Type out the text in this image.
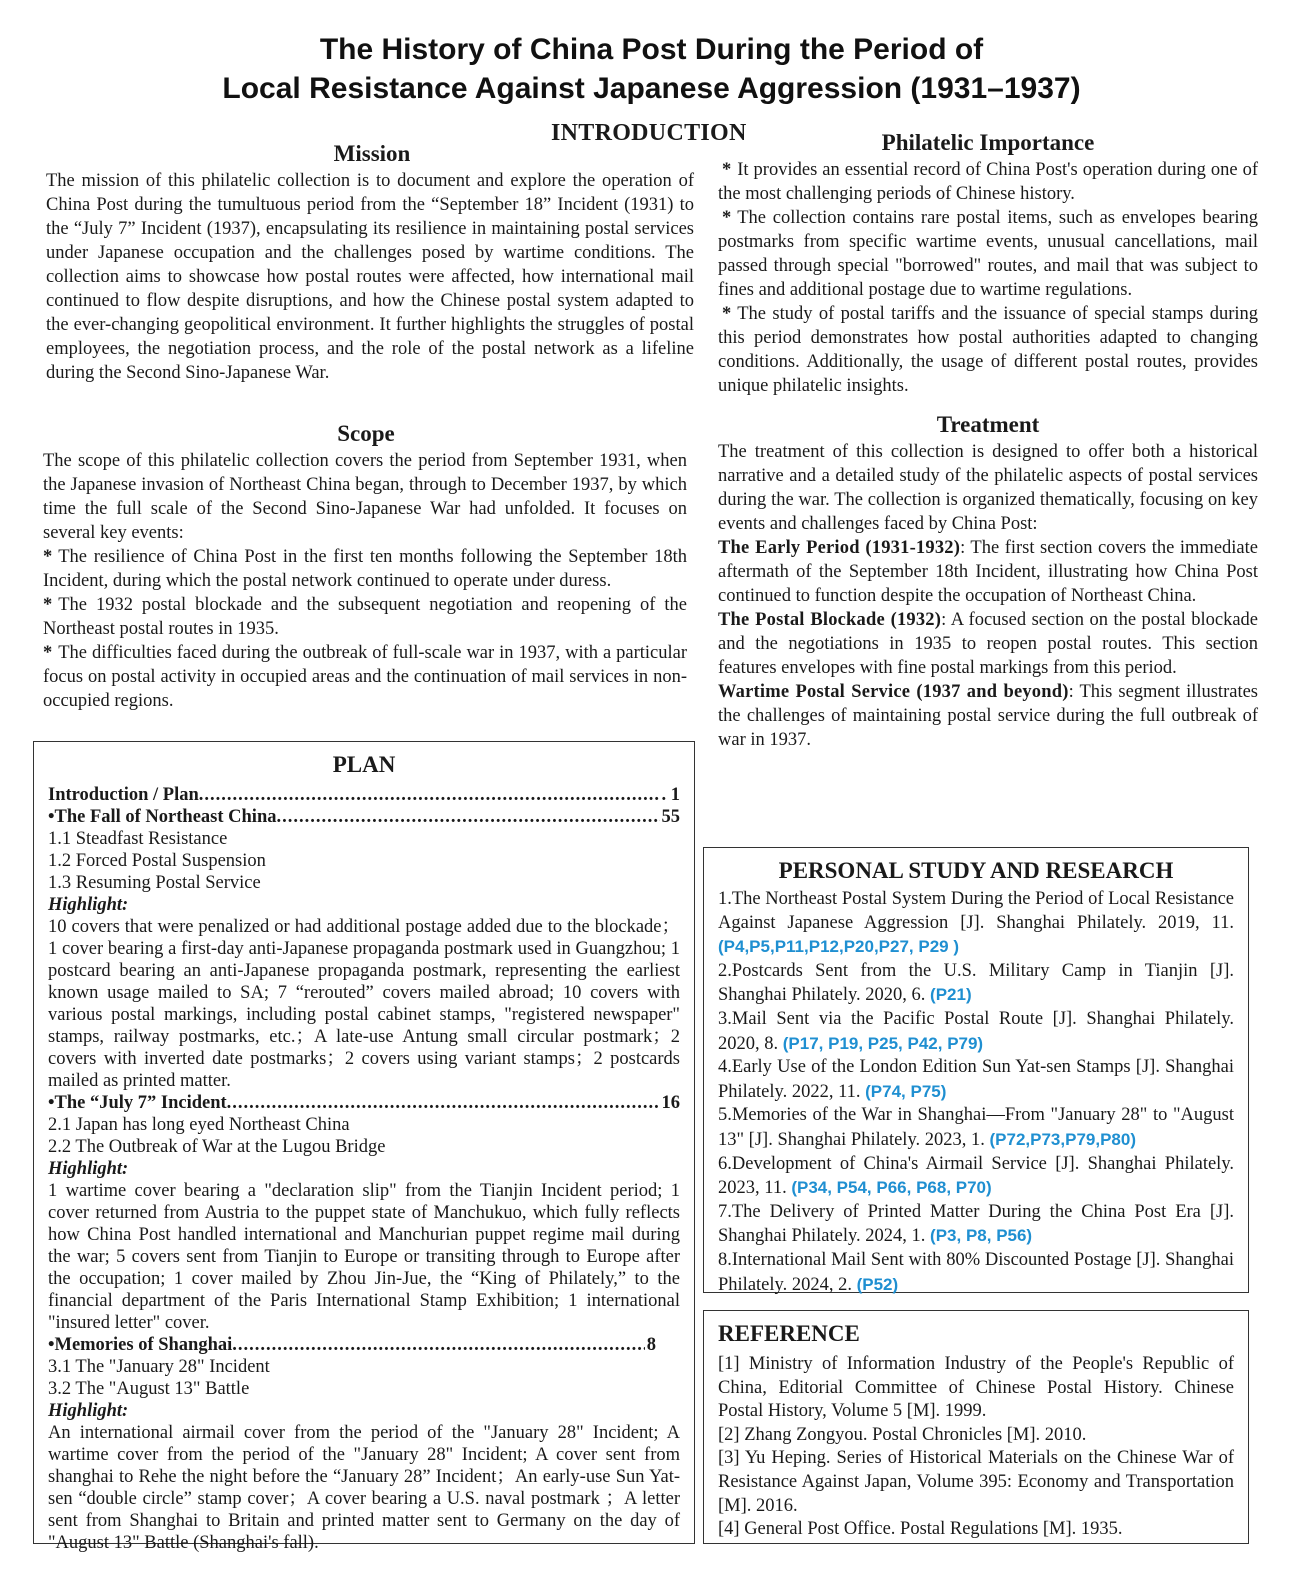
The History of China Post During the Period of
Local Resistance Against Japanese Aggression (1931–1937)
INTRODUCTION
Mission

The mission of this philatelic collection is to document and explore the operation of China Post during the tumultuous period from the “September 18” Incident (1931) to the “July 7” Incident (1937), encapsulating its resilience in maintaining postal services under Japanese occupation and the challenges posed by wartime conditions. The collection aims to showcase how postal routes were affected, how international mail continued to flow despite disruptions, and how the Chinese postal system adapted to the ever-changing geopolitical environment. It further highlights the struggles of postal employees, the negotiation process, and the role of the postal network as a lifeline during the Second Sino-Japanese War.

Scope

The scope of this philatelic collection covers the period from September 1931, when the Japanese invasion of Northeast China began, through to December 1937, by which time the full scale of the Second Sino-Japanese War had unfolded. It focuses on several key events:

* The resilience of China Post in the first ten months following the September 18th Incident, during which the postal network continued to operate under duress.

* The 1932 postal blockade and the subsequent negotiation and reopening of the Northeast postal routes in 1935.

* The difficulties faced during the outbreak of full-scale war in 1937, with a particular focus on postal activity in occupied areas and the continuation of mail services in non-occupied regions.

Philatelic Importance

* It provides an essential record of China Post's operation during one of the most challenging periods of Chinese history.

* The collection contains rare postal items, such as envelopes bearing postmarks from specific wartime events, unusual cancellations, mail passed through special "borrowed" routes, and mail that was subject to fines and additional postage due to wartime regulations.

* The study of postal tariffs and the issuance of special stamps during this period demonstrates how postal authorities adapted to changing conditions. Additionally, the usage of different postal routes, provides unique philatelic insights.

Treatment

The treatment of this collection is designed to offer both a historical narrative and a detailed study of the philatelic aspects of postal services during the war. The collection is organized thematically, focusing on key events and challenges faced by China Post:

The Early Period (1931-1932): The first section covers the immediate aftermath of the September 18th Incident, illustrating how China Post continued to function despite the occupation of Northeast China.

The Postal Blockade (1932): A focused section on the postal blockade and the negotiations in 1935 to reopen postal routes. This section features envelopes with fine postal markings from this period.

Wartime Postal Service (1937 and beyond): This segment illustrates the challenges of maintaining postal service during the full outbreak of war in 1937.

PLAN
Introduction / Plan .....	. 1
•The Fall of Northeast China .....	55

1.1 Steadfast Resistance

1.2 Forced Postal Suspension

1.3 Resuming Postal Service

Highlight:

10 covers that were penalized or had additional postage added due to the blockade；1 cover bearing a first-day anti-Japanese propaganda postmark used in Guangzhou; 1 postcard bearing an anti-Japanese propaganda postmark, representing the earliest known usage mailed to SA; 7 “rerouted” covers mailed abroad; 10 covers with various postal markings, including postal cabinet stamps, "registered newspaper" stamps, railway postmarks, etc.；A late-use Antung small circular postmark；2 covers with inverted date postmarks；2 covers using variant stamps；2 postcards mailed as printed matter.

•The “July 7” Incident .....	16

2.1 Japan has long eyed Northeast China

2.2 The Outbreak of War at the Lugou Bridge

Highlight:

1 wartime cover bearing a "declaration slip" from the Tianjin Incident period; 1 cover returned from Austria to the puppet state of Manchukuo, which fully reflects how China Post handled international and Manchurian puppet regime mail during the war; 5 covers sent from Tianjin to Europe or transiting through to Europe after the occupation; 1 cover mailed by Zhou Jin-Jue, the “King of Philately,” to the financial department of the Paris International Stamp Exhibition; 1 international "insured letter" cover.

•Memories of Shanghai .....	8

3.1 The "January 28" Incident

3.2 The "August 13" Battle

Highlight:

An international airmail cover from the period of the "January 28" Incident; A wartime cover from the period of the "January 28" Incident; A cover sent from shanghai to Rehe the night before the “January 28” Incident；An early-use Sun Yat-sen “double circle” stamp cover；A cover bearing a U.S. naval postmark ；A letter sent from Shanghai to Britain and printed matter sent to Germany on the day of "August 13" Battle (Shanghai's fall).

PERSONAL STUDY AND RESEARCH

1.The Northeast Postal System During the Period of Local Resistance Against Japanese Aggression [J]. Shanghai Philately. 2019, 11. (P4,P5,P11,P12,P20,P27, P29 )

2.Postcards Sent from the U.S. Military Camp in Tianjin [J]. Shanghai Philately. 2020, 6. (P21)

3.Mail Sent via the Pacific Postal Route [J]. Shanghai Philately. 2020, 8. (P17, P19, P25, P42, P79)

4.Early Use of the London Edition Sun Yat-sen Stamps [J]. Shanghai Philately. 2022, 11. (P74, P75)

5.Memories of the War in Shanghai—From "January 28" to "August 13" [J]. Shanghai Philately. 2023, 1. (P72,P73,P79,P80)

6.Development of China's Airmail Service [J]. Shanghai Philately. 2023, 11. (P34, P54, P66, P68, P70)

7.The Delivery of Printed Matter During the China Post Era [J]. Shanghai Philately. 2024, 1. (P3, P8, P56)

8.International Mail Sent with 80% Discounted Postage [J]. Shanghai Philately. 2024, 2. (P52)

REFERENCE

[1] Ministry of Information Industry of the People's Republic of China, Editorial Committee of Chinese Postal History. Chinese Postal History, Volume 5 [M]. 1999.

[2] Zhang Zongyou. Postal Chronicles [M]. 2010.

[3] Yu Heping. Series of Historical Materials on the Chinese War of Resistance Against Japan, Volume 395: Economy and Transportation [M]. 2016.

[4] General Post Office. Postal Regulations [M]. 1935.
